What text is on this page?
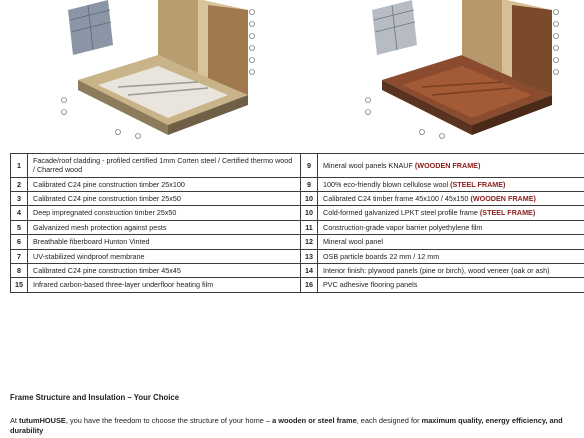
1	Facade/roof cladding - profiled certified 1mm Corten steel / Certified thermo wood / Charred wood	9	Mineral wool panels KNAUF (WOODEN FRAME)
2	Calibrated C24 pine construction timber 25x100	9	100% eco-friendly blown cellulose wool (STEEL FRAME)
3	Calibrated C24 pine construction timber 25x50	10	Calibrated C24 timber frame 45x100 / 45x150 (WOODEN FRAME)
4	Deep impregnated construction timber 25x50	10	Cold-formed galvanized LPKT steel profile frame (STEEL FRAME)
5	Galvanized mesh protection against pests	11	Construction-grade vapor barrier polyethylene film
6	Breathable fiberboard Hunton Vinted	12	Mineral wool panel
7	UV-stabilized windproof membrane	13	OSB particle boards 22 mm / 12 mm
8	Calibrated C24 pine construction timber 45x45	14	Interior finish: plywood panels (pine or birch), wood veneer (oak or ash)
15	Infrared carbon-based three-layer underfloor heating film	16	PVC adhesive flooring panels
Frame Structure and Insulation – Your Choice
At tutumHOUSE, you have the freedom to choose the structure of your home – a wooden or steel frame, each designed for maximum quality, energy efficiency, and durability
